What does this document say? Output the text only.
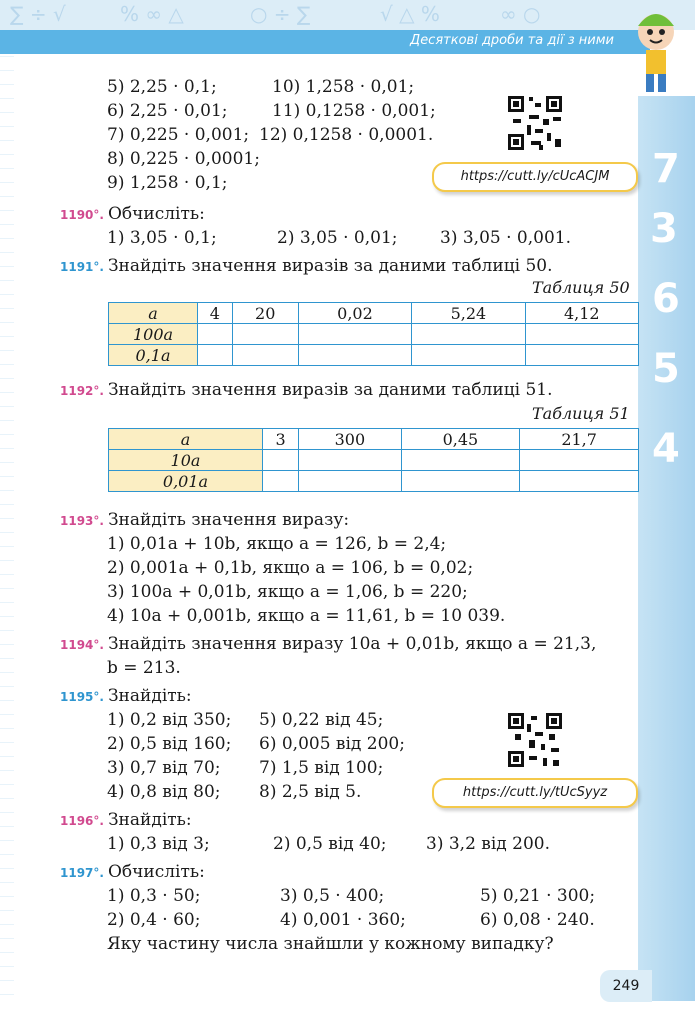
∑ ÷ √	% ∞ △	○ ÷ ∑	√ △ %	∞ ○
Десяткові дроби та дії з ними
7
3
6
5
4
5) 2,25 · 0,1;	10) 1,258 · 0,01;
6) 2,25 · 0,01;	11) 0,1258 · 0,001;
7) 0,225 · 0,001; 12) 0,1258 · 0,0001.
8) 0,225 · 0,0001;
9) 1,258 · 0,1;	https://cutt.ly/cUcACJM
1190°. Обчисліть:
1) 3,05 · 0,1;	2) 3,05 · 0,01;	3) 3,05 · 0,001.
1191°. Знайдіть значення виразів за даними таблиці 50.
Таблиця 50
a	4	20	0,02	5,24	4,12
100a					
0,1a					
1192°. Знайдіть значення виразів за даними таблиці 51.
Таблиця 51
a	3	300	0,45	21,7
10a				
0,01a				
1193°. Знайдіть значення виразу:
1) 0,01a + 10b, якщо a = 126, b = 2,4;
2) 0,001a + 0,1b, якщо a = 106, b = 0,02;
3) 100a + 0,01b, якщо a = 1,06, b = 220;
4) 10a + 0,001b, якщо a = 11,61, b = 10 039.
1194°. Знайдіть значення виразу 10a + 0,01b, якщо a = 21,3,
b = 213.
1195°. Знайдіть:
1) 0,2 від 350; 5) 0,22 від 45;
2) 0,5 від 160; 6) 0,005 від 200;
3) 0,7 від 70; 7) 1,5 від 100;
4) 0,8 від 80; 8) 2,5 від 5.	https://cutt.ly/tUcSyyz
1196°. Знайдіть:
1) 0,3 від 3;	2) 0,5 від 40; 3) 3,2 від 200.
1197°. Обчисліть:
1) 0,3 · 50;	3) 0,5 · 400;	5) 0,21 · 300;
2) 0,4 · 60;	4) 0,001 · 360;	6) 0,08 · 240.
Яку частину числа знайшли у кожному випадку?
249
